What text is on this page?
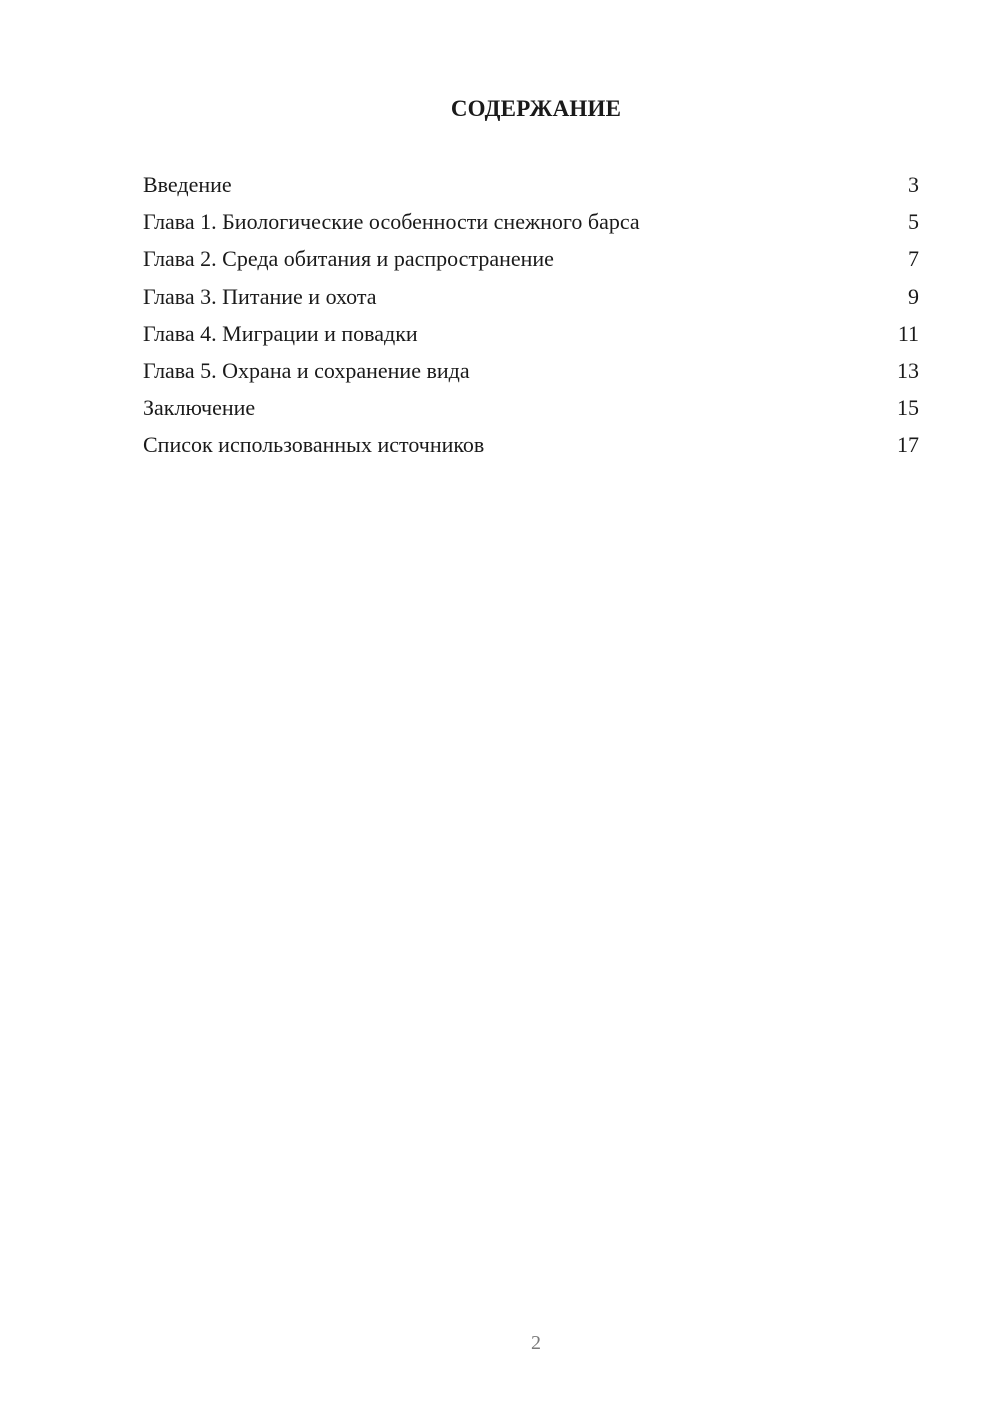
СОДЕРЖАНИЕ
Введение	3
Глава 1. Биологические особенности снежного барса	5
Глава 2. Среда обитания и распространение	7
Глава 3. Питание и охота	9
Глава 4. Миграции и повадки	11
Глава 5. Охрана и сохранение вида	13
Заключение	15
Список использованных источников	17
2
